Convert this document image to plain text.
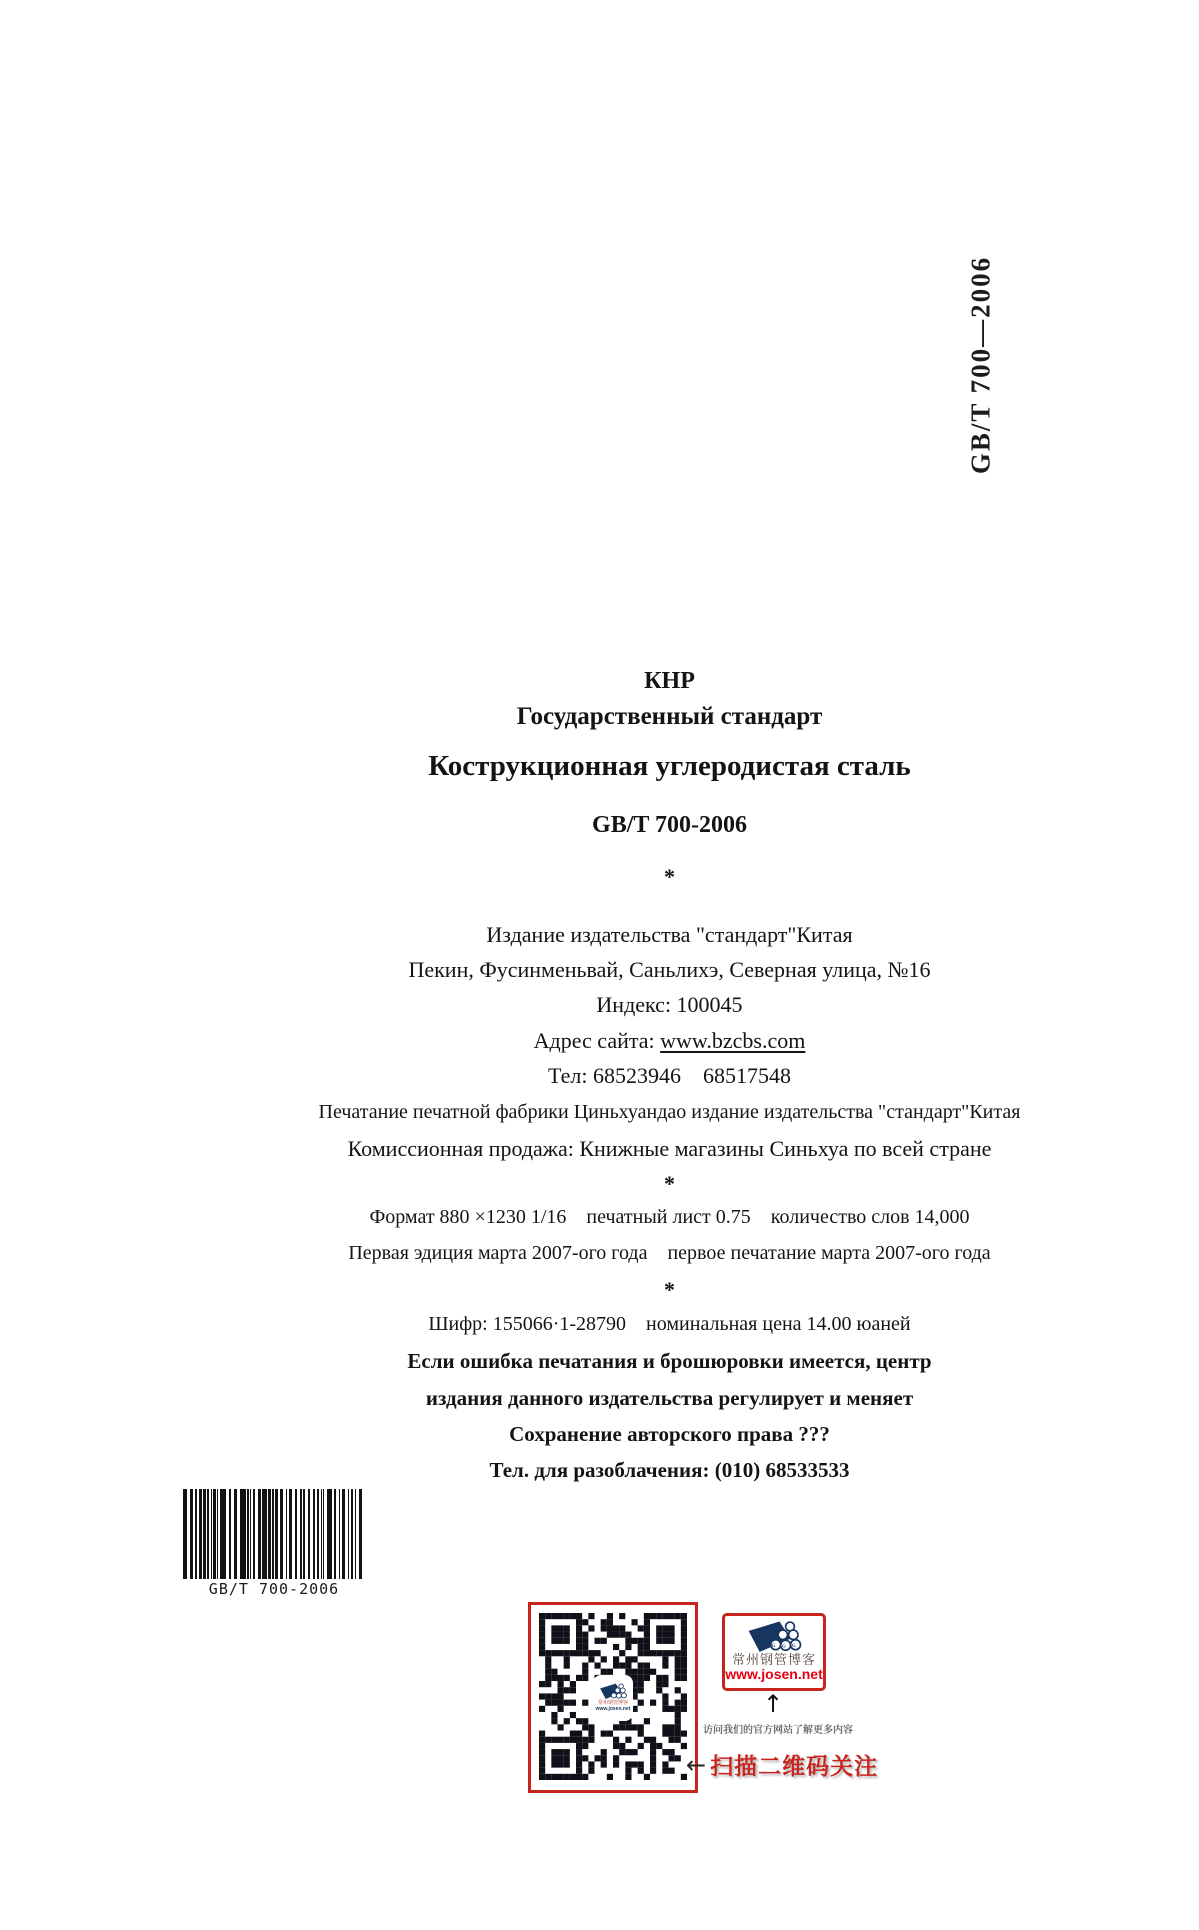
GB/T 700—2006
КНР
Государственный стандарт
Кострукционная углеродистая сталь
GB/T 700-2006
*
Издание издательства "стандарт"Китая
Пекин, Фусинменьвай, Саньлихэ, Северная улица, №16
Индекс: 100045
Адрес сайта: www.bzcbs.com
Тел: 68523946    68517548
Печатание печатной фабрики Циньхуандао издание издательства "стандарт"Китая
Комиссионная продажа: Книжные магазины Синьхуа по всей стране
*
Формат 880 ×1230 1/16    печатный лист 0.75    количество слов 14,000
Первая эдиция марта 2007-ого года    первое печатание марта 2007-ого года
*
Шифр: 155066·1-28790    номинальная цена 14.00 юаней
Если ошибка печатания и брошюровки имеется, центр
издания данного издательства регулирует и меняет
Сохранение авторского права ???
Тел. для разоблачения: (010) 68533533
GB/T 700-2006
常州钢管博客
www.josen.net
G G G
常州钢管博客
www.josen.net
↑
访问我们的官方网站了解更多内容
← 扫描二维码关注
